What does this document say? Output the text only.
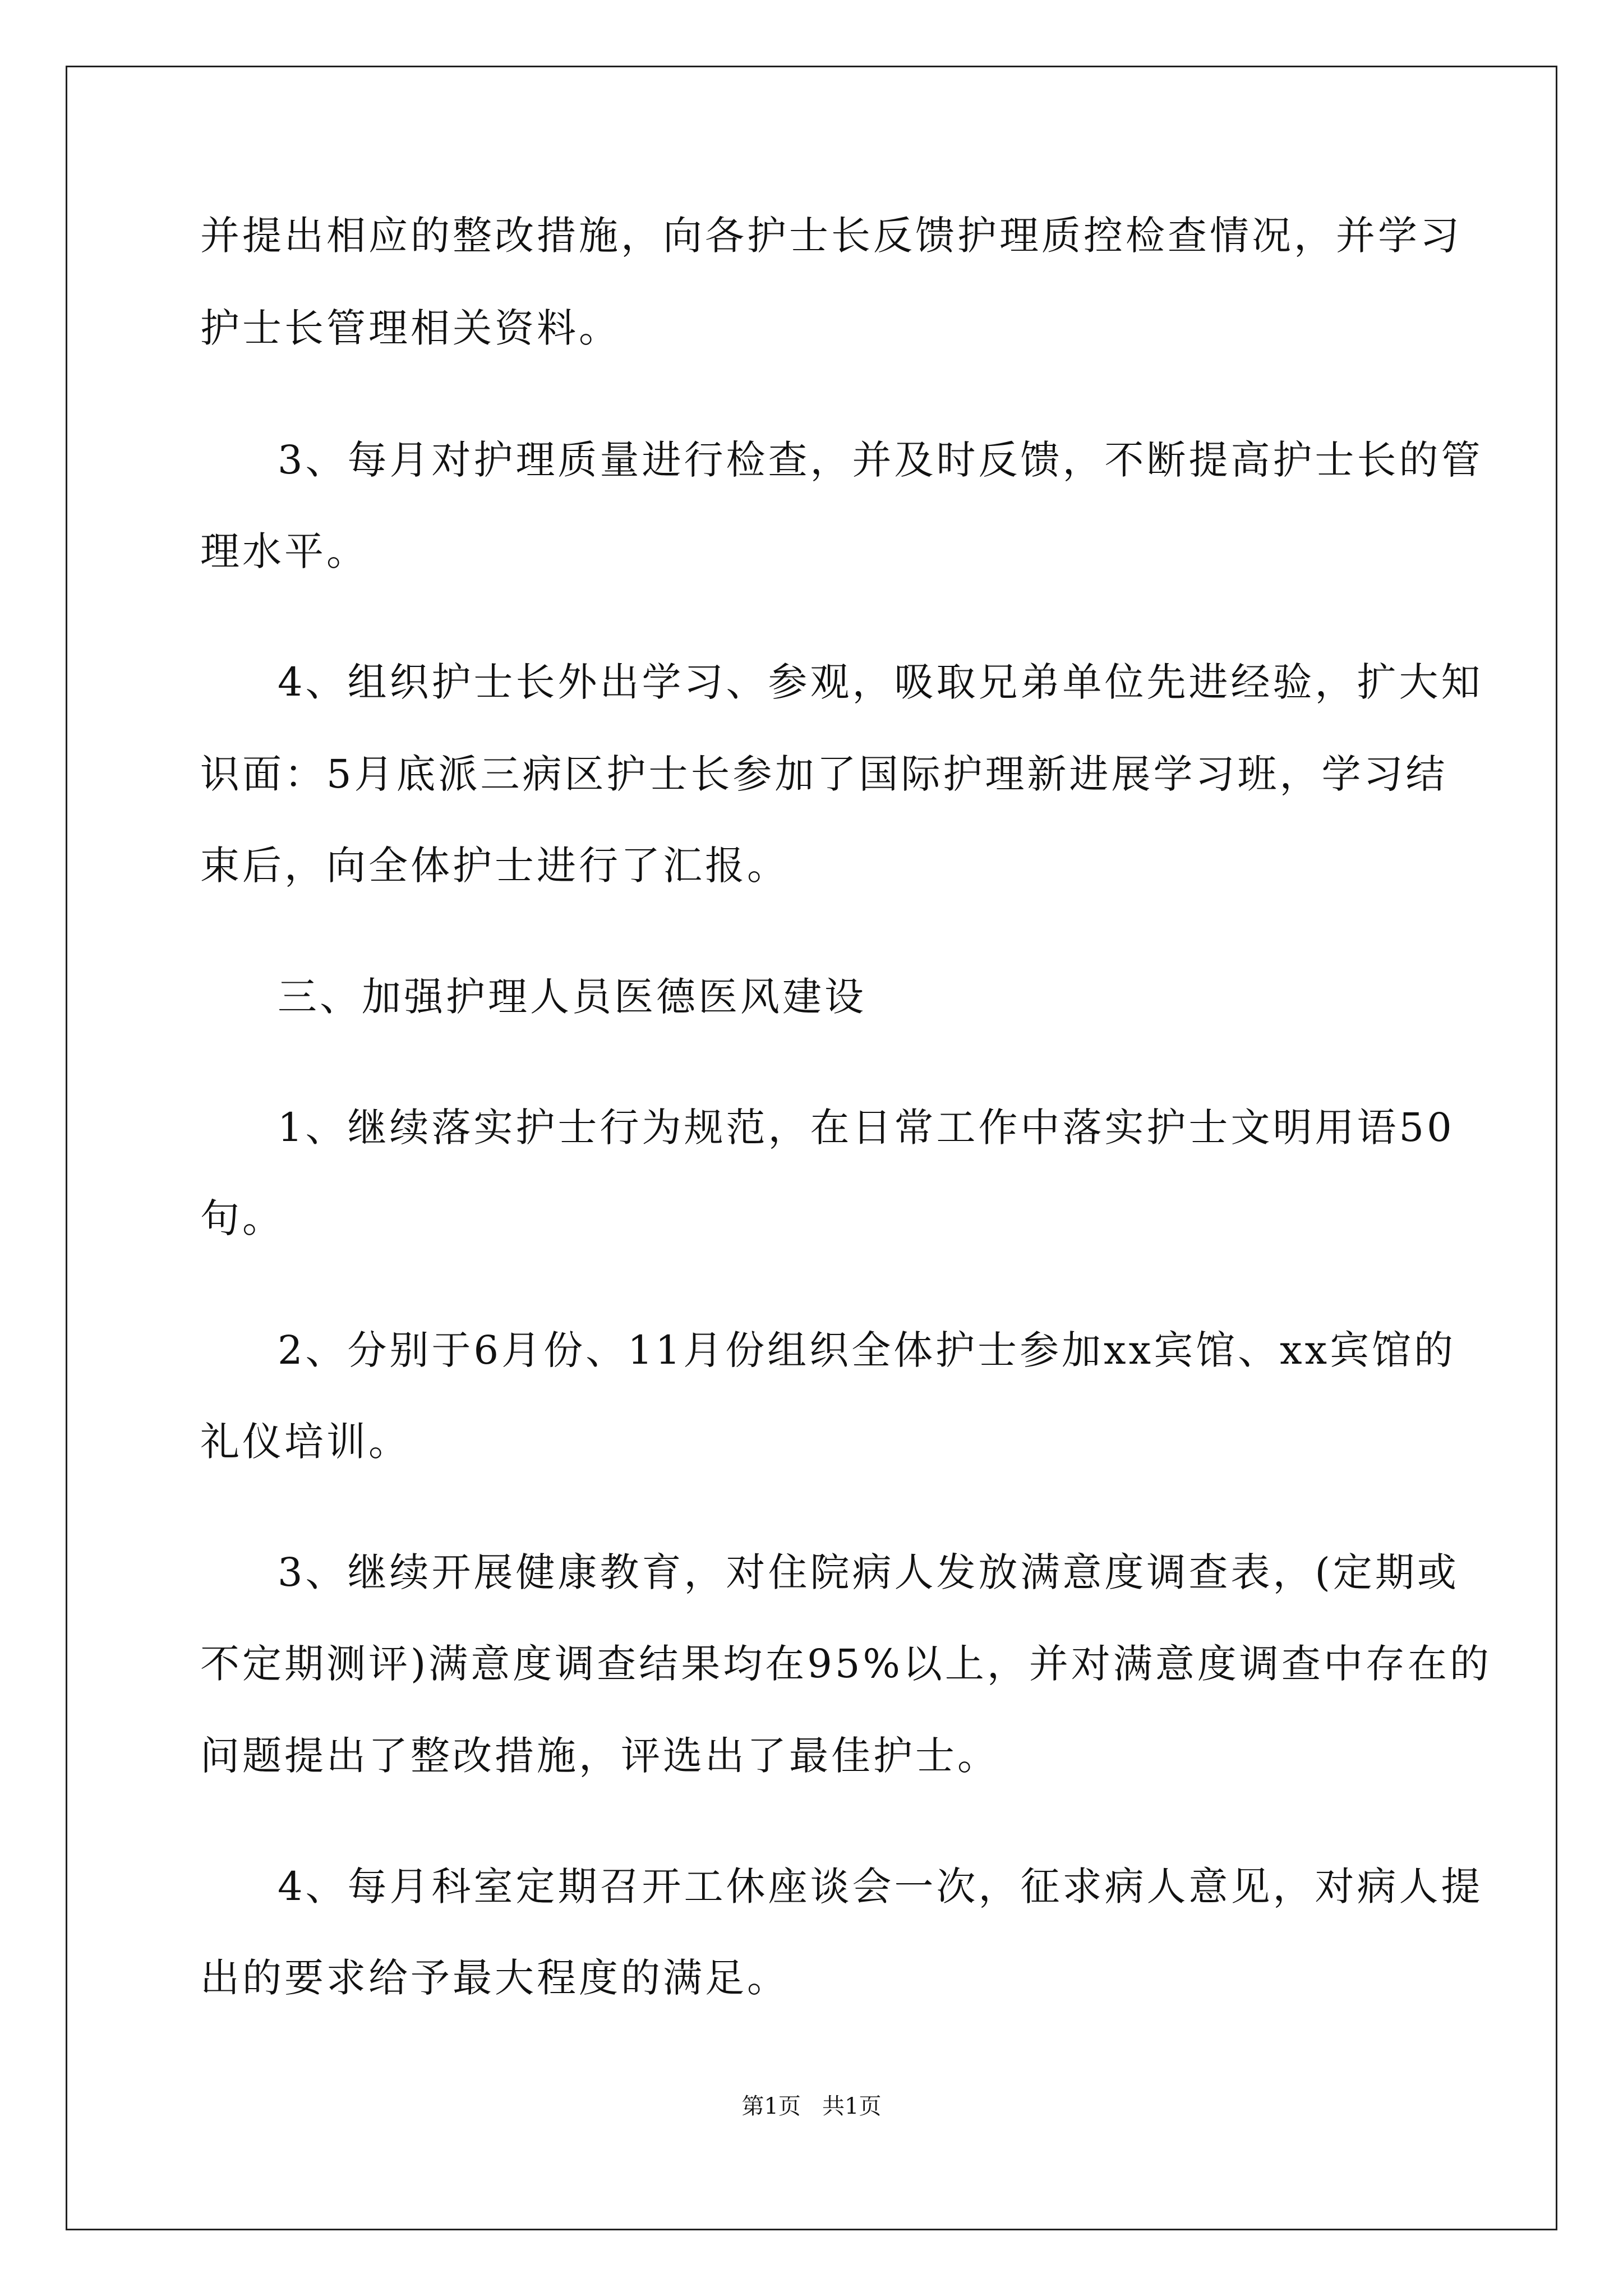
并提出相应的整改措施，向各护士长反馈护理质控检查情况，并学习
护士长管理相关资料。
3、每月对护理质量进行检查，并及时反馈，不断提高护士长的管
理水平。
4、组织护士长外出学习、参观，吸取兄弟单位先进经验，扩大知
识面：5月底派三病区护士长参加了国际护理新进展学习班，学习结
束后，向全体护士进行了汇报。
三、加强护理人员医德医风建设
1、继续落实护士行为规范，在日常工作中落实护士文明用语50
句。
2、分别于6月份、11月份组织全体护士参加xx宾馆、xx宾馆的
礼仪培训。
3、继续开展健康教育，对住院病人发放满意度调查表，(定期或
不定期测评)满意度调查结果均在95%以上，并对满意度调查中存在的
问题提出了整改措施，评选出了最佳护士。
4、每月科室定期召开工休座谈会一次，征求病人意见，对病人提
出的要求给予最大程度的满足。
第1页   共1页
